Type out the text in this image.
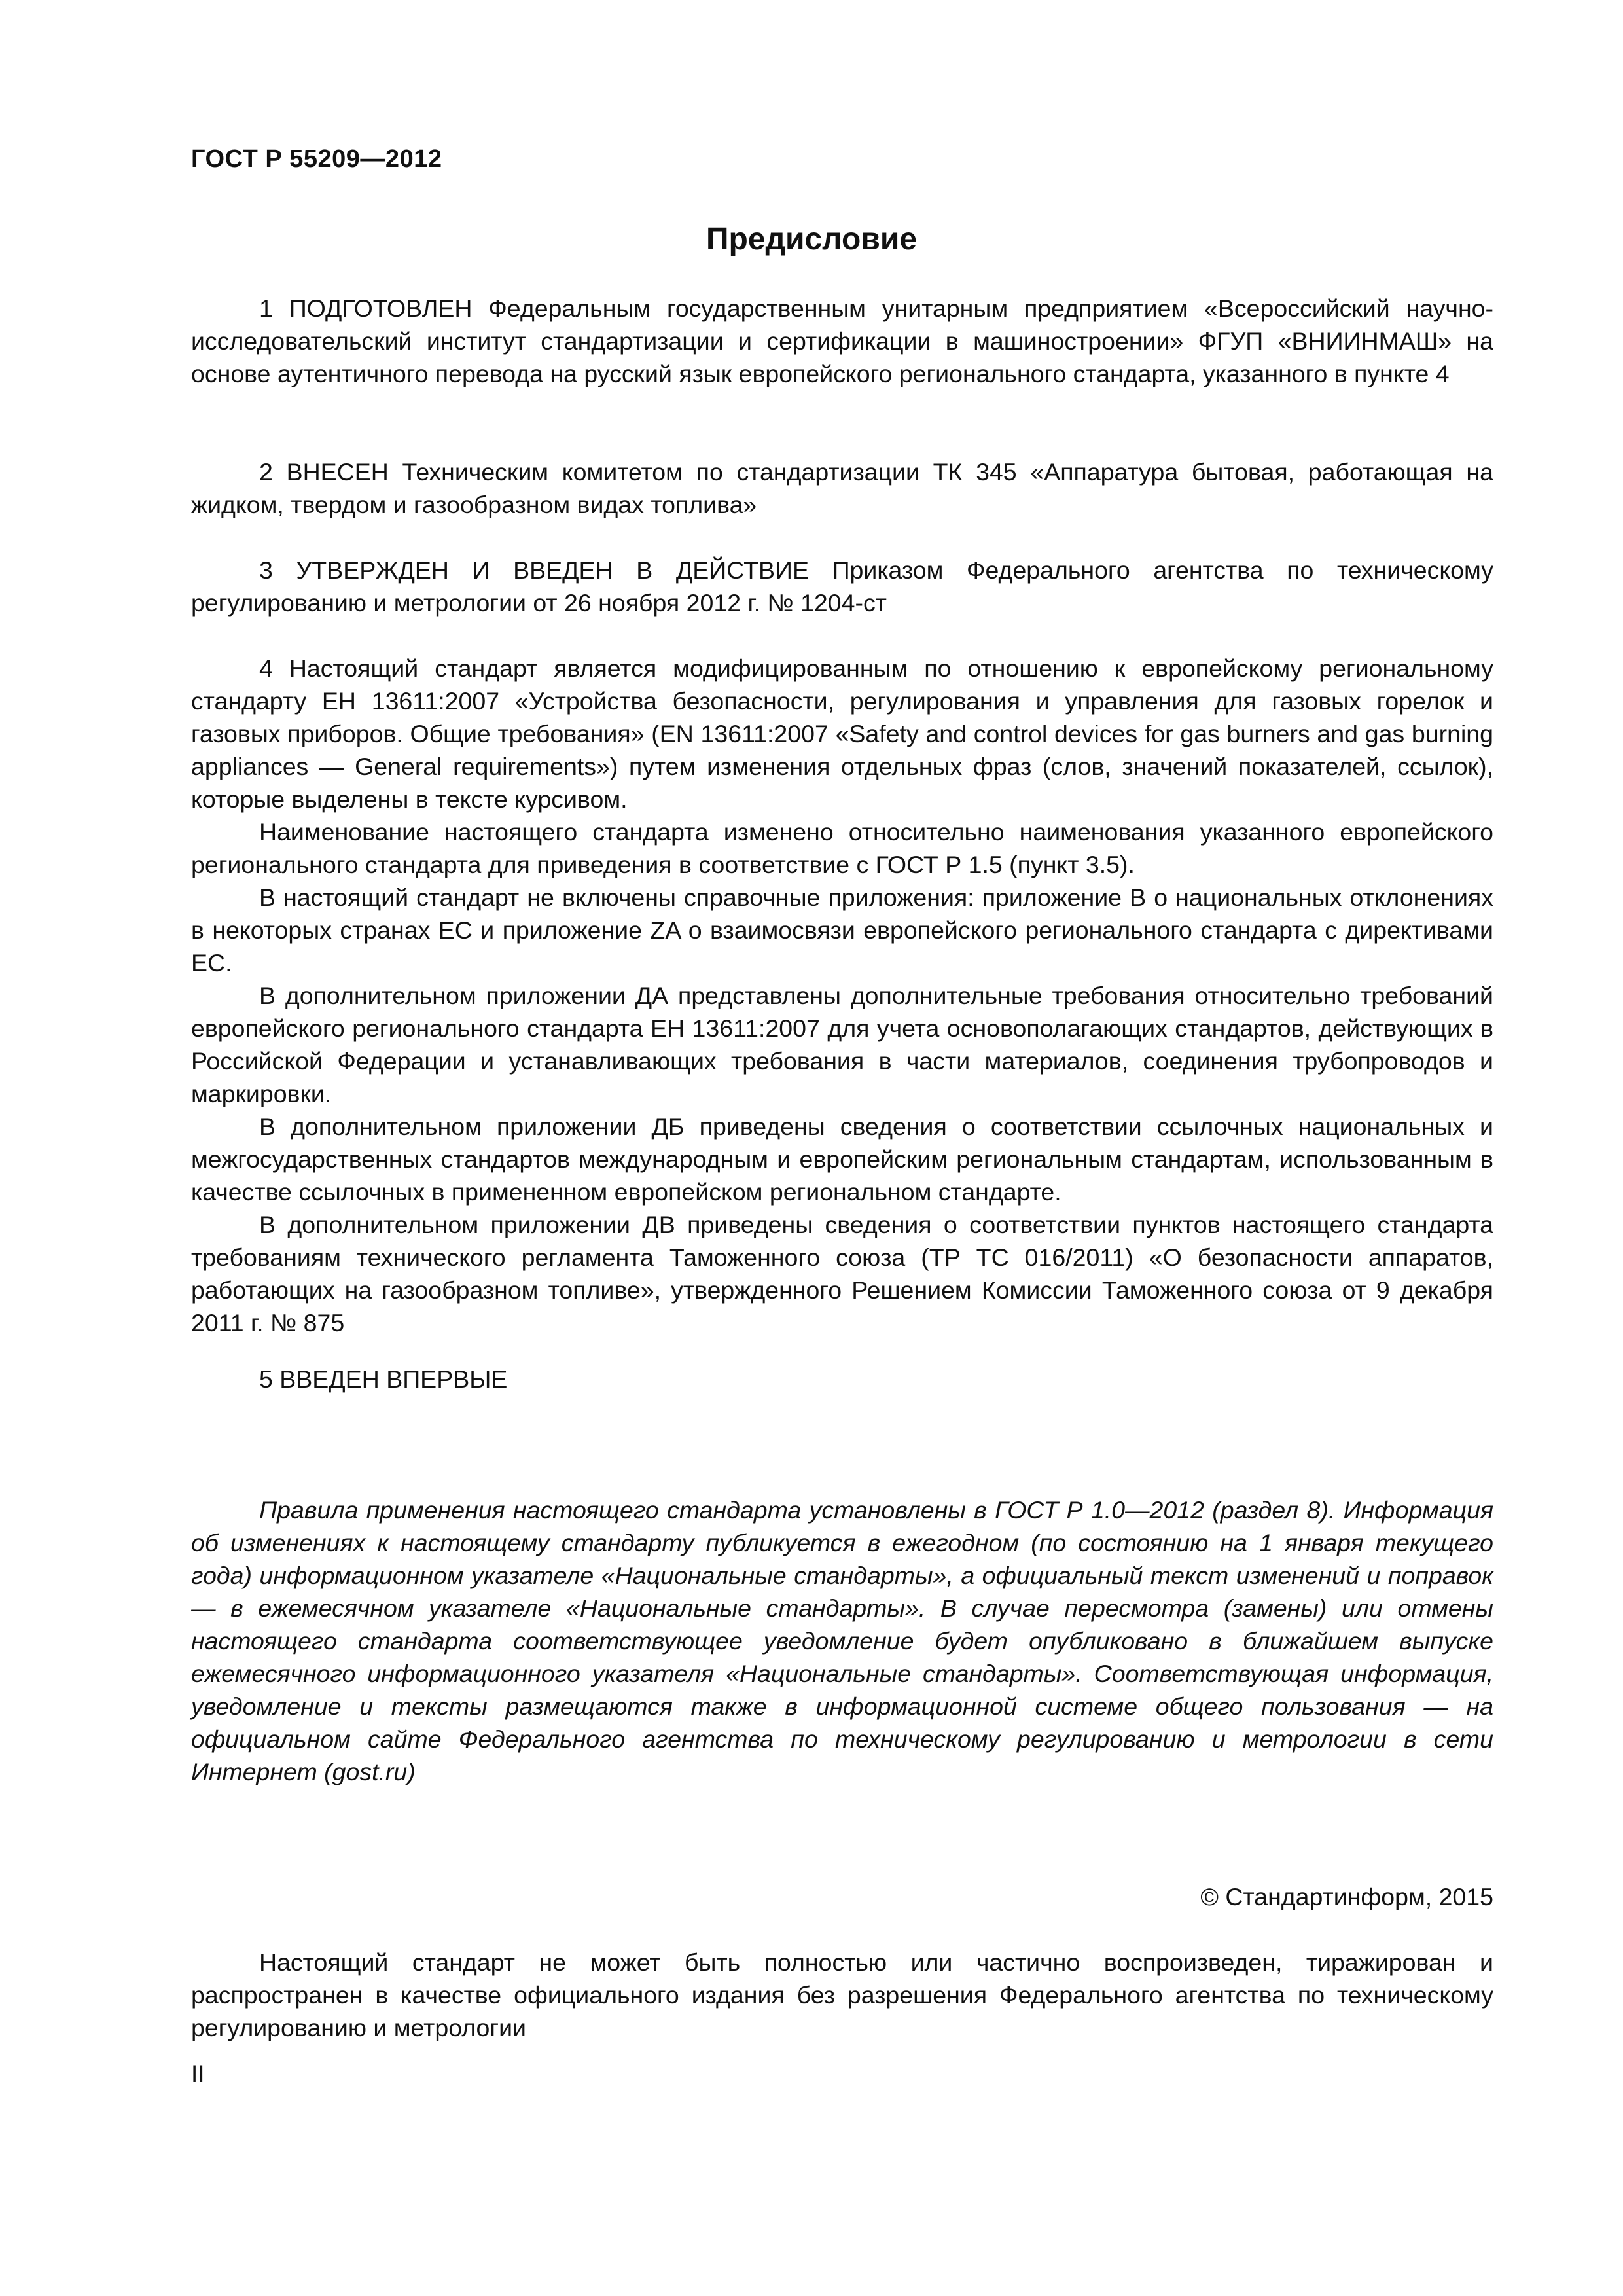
ГОСТ Р 55209—2012
Предисловие

1 ПОДГОТОВЛЕН Федеральным государственным унитарным предприятием «Всероссийский научно-исследовательский институт стандартизации и сертификации в машиностроении» ФГУП «ВНИИНМАШ» на основе аутентичного перевода на русский язык европейского регионального стандарта, указанного в пункте 4

2 ВНЕСЕН Техническим комитетом по стандартизации ТК 345 «Аппаратура бытовая, работающая на жидком, твердом и газообразном видах топлива»

3 УТВЕРЖДЕН И ВВЕДЕН В ДЕЙСТВИЕ Приказом Федерального агентства по техническому регулированию и метрологии от 26 ноября 2012 г. № 1204-ст

4 Настоящий стандарт является модифицированным по отношению к европейскому региональному стандарту ЕН 13611:2007 «Устройства безопасности, регулирования и управления для газовых горелок и газовых приборов. Общие требования» (EN 13611:2007 «Safety and control devices for gas burners and gas burning appliances — General requirements») путем изменения отдельных фраз (слов, значений показателей, ссылок), которые выделены в тексте курсивом.

Наименование настоящего стандарта изменено относительно наименования указанного европейского регионального стандарта для приведения в соответствие с ГОСТ Р 1.5 (пункт 3.5).

В настоящий стандарт не включены справочные приложения: приложение В о национальных отклонениях в некоторых странах ЕС и приложение ZA о взаимосвязи европейского регионального стандарта с директивами ЕС.

В дополнительном приложении ДА представлены дополнительные требования относительно требований европейского регионального стандарта ЕН 13611:2007 для учета основополагающих стандартов, действующих в Российской Федерации и устанавливающих требования в части материалов, соединения трубопроводов и маркировки.

В дополнительном приложении ДБ приведены сведения о соответствии ссылочных национальных и межгосударственных стандартов международным и европейским региональным стандартам, использованным в качестве ссылочных в примененном европейском региональном стандарте.

В дополнительном приложении ДВ приведены сведения о соответствии пунктов настоящего стандарта требованиям технического регламента Таможенного союза (ТР ТС 016/2011) «О безопасности аппаратов, работающих на газообразном топливе», утвержденного Решением Комиссии Таможенного союза от 9 декабря 2011 г. № 875

5 ВВЕДЕН ВПЕРВЫЕ

Правила применения настоящего стандарта установлены в ГОСТ Р 1.0—2012 (раздел 8). Информация об изменениях к настоящему стандарту публикуется в ежегодном (по состоянию на 1 января текущего года) информационном указателе «Национальные стандарты», а официальный текст изменений и поправок — в ежемесячном указателе «Национальные стандарты». В случае пересмотра (замены) или отмены настоящего стандарта соответствующее уведомление будет опубликовано в ближайшем выпуске ежемесячного информационного указателя «Национальные стандарты». Соответствующая информация, уведомление и тексты размещаются также в информационной системе общего пользования — на официальном сайте Федерального агентства по техническому регулированию и метрологии в сети Интернет (gost.ru)

© Стандартинформ, 2015

Настоящий стандарт не может быть полностью или частично воспроизведен, тиражирован и распространен в качестве официального издания без разрешения Федерального агентства по техническому регулированию и метрологии

II
